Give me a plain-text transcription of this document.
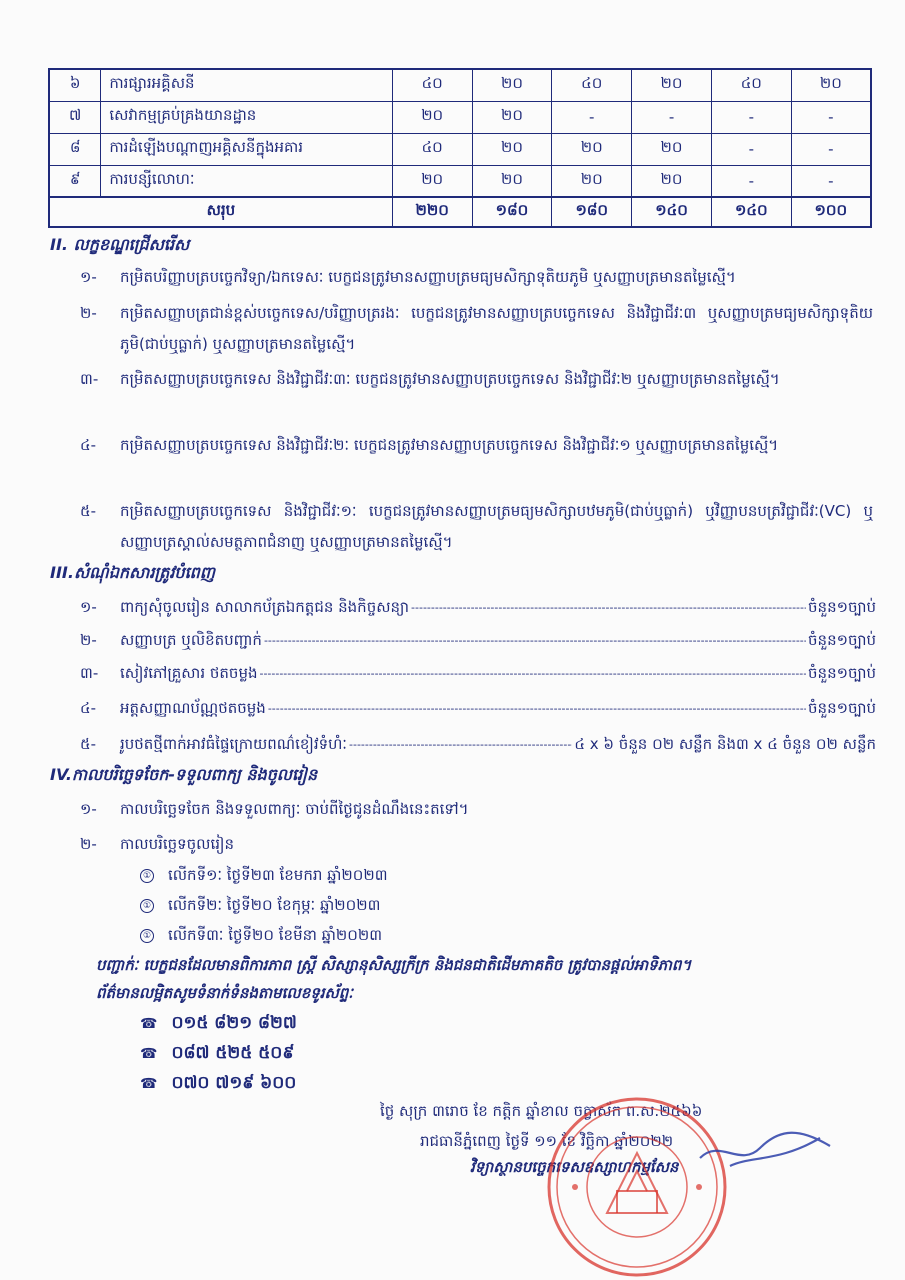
៦	ការផ្សារអគ្គិសនី	៤០	២០	៤០	២០	៤០	២០
៧	សេវាកម្មគ្រប់គ្រងយានដ្ឋាន	២០	២០	-	-	-	-
៨	ការដំឡើងបណ្តាញអគ្គិសនីក្នុងអគារ	៤០	២០	២០	២០	-	-
៩	ការបន្សីលោហៈ	២០	២០	២០	២០	-	-
សរុប		២២០	១៨០	១៨០	១៤០	១៤០	១០០
II. លក្ខខណ្ឌជ្រើសរើស
១-	កម្រិតបរិញ្ញាបត្របច្ចេកវិទ្យា/ឯកទេសៈ បេក្ខជនត្រូវមានសញ្ញាបត្រមធ្យមសិក្សាទុតិយភូមិ ឬសញ្ញាបត្រមានតម្លៃស្មើ។
២-	កម្រិតសញ្ញាបត្រជាន់ខ្ពស់បច្ចេកទេស/បរិញ្ញាបត្ររងៈ បេក្ខជនត្រូវមានសញ្ញាបត្របច្ចេកទេស និងវិជ្ជាជីវៈ៣ ឬសញ្ញាបត្រមធ្យមសិក្សាទុតិយភូមិ(ជាប់ឬធ្លាក់) ឬសញ្ញាបត្រមានតម្លៃស្មើ។
៣-	កម្រិតសញ្ញាបត្របច្ចេកទេស និងវិជ្ជាជីវៈ៣ៈ បេក្ខជនត្រូវមានសញ្ញាបត្របច្ចេកទេស និងវិជ្ជាជីវៈ២ ឬសញ្ញាបត្រមានតម្លៃស្មើ។
៤-	កម្រិតសញ្ញាបត្របច្ចេកទេស និងវិជ្ជាជីវៈ២ៈ បេក្ខជនត្រូវមានសញ្ញាបត្របច្ចេកទេស និងវិជ្ជាជីវៈ១ ឬសញ្ញាបត្រមានតម្លៃស្មើ។
៥-	កម្រិតសញ្ញាបត្របច្ចេកទេស និងវិជ្ជាជីវៈ១ៈ បេក្ខជនត្រូវមានសញ្ញាបត្រមធ្យមសិក្សាបឋមភូមិ(ជាប់ឬធ្លាក់) ឬវិញ្ញាបនបត្រវិជ្ជាជីវៈ(VC) ឬសញ្ញាបត្រស្គាល់សមត្ថភាពជំនាញ ឬសញ្ញាបត្រមានតម្លៃស្មើ។
III.សំណុំឯកសារត្រូវបំពេញ
១-	ពាក្យសុំចូលរៀន សាលាកប័ត្រឯកត្តជន និងកិច្ចសន្យា -----	ចំនួន១ច្បាប់
២-	សញ្ញាបត្រ ឬលិខិតបញ្ជាក់ -----	ចំនួន១ច្បាប់
៣-	សៀវភៅគ្រួសារ ថតចម្លង -----	ចំនួន១ច្បាប់
៤-	អត្តសញ្ញាណប័ណ្ណថតចម្លង -----	ចំនួន១ច្បាប់
៥-	រូបថតថ្មីពាក់អាវធំផ្ទៃក្រោយពណ៌ខៀវទំហំៈ -----	៤ x ៦ ចំនួន ០២ សន្លឹក និង៣ x ៤ ចំនួន ០២ សន្លឹក
IV.កាលបរិច្ឆេទចែក-ទទួលពាក្យ និងចូលរៀន
១-	កាលបរិច្ឆេទចែក និងទទួលពាក្យៈ ចាប់ពីថ្ងៃជូនដំណឹងនេះតទៅ។
២-	កាលបរិច្ឆេទចូលរៀន
① លើកទី១ៈ ថ្ងៃទី២៣ ខែមករា ឆ្នាំ២០២៣
① លើកទី២ៈ ថ្ងៃទី២០ ខែកុម្ភៈ ឆ្នាំ២០២៣
① លើកទី៣ៈ ថ្ងៃទី២០ ខែមីនា ឆ្នាំ២០២៣
បញ្ជាក់ៈ បេក្ខជនដែលមានពិការភាព ស្ត្រី សិស្សានុសិស្សក្រីក្រ និងជនជាតិដើមភាគតិច ត្រូវបានផ្តល់អាទិភាព។
ព័ត៌មានលម្អិតសូមទំនាក់ទំនងតាមលេខទូរស័ព្ទៈ
☎ ០១៥ ៨២១ ៨២៧
☎ ០៨៧ ៥២៥ ៥០៩
☎ ០៧០ ៧១៩ ៦០០
ថ្ងៃ សុក្រ ៣រោច ខែ កត្តិក ឆ្នាំខាល ចត្វាស័ក ព.ស.២៥៦៦
រាជធានីភ្នំពេញ ថ្ងៃទី ១១ ខែ វិច្ឆិកា ឆ្នាំ២០២២
វិទ្យាស្ថានបច្ចេកទេសឧស្សាហកម្មសែន
